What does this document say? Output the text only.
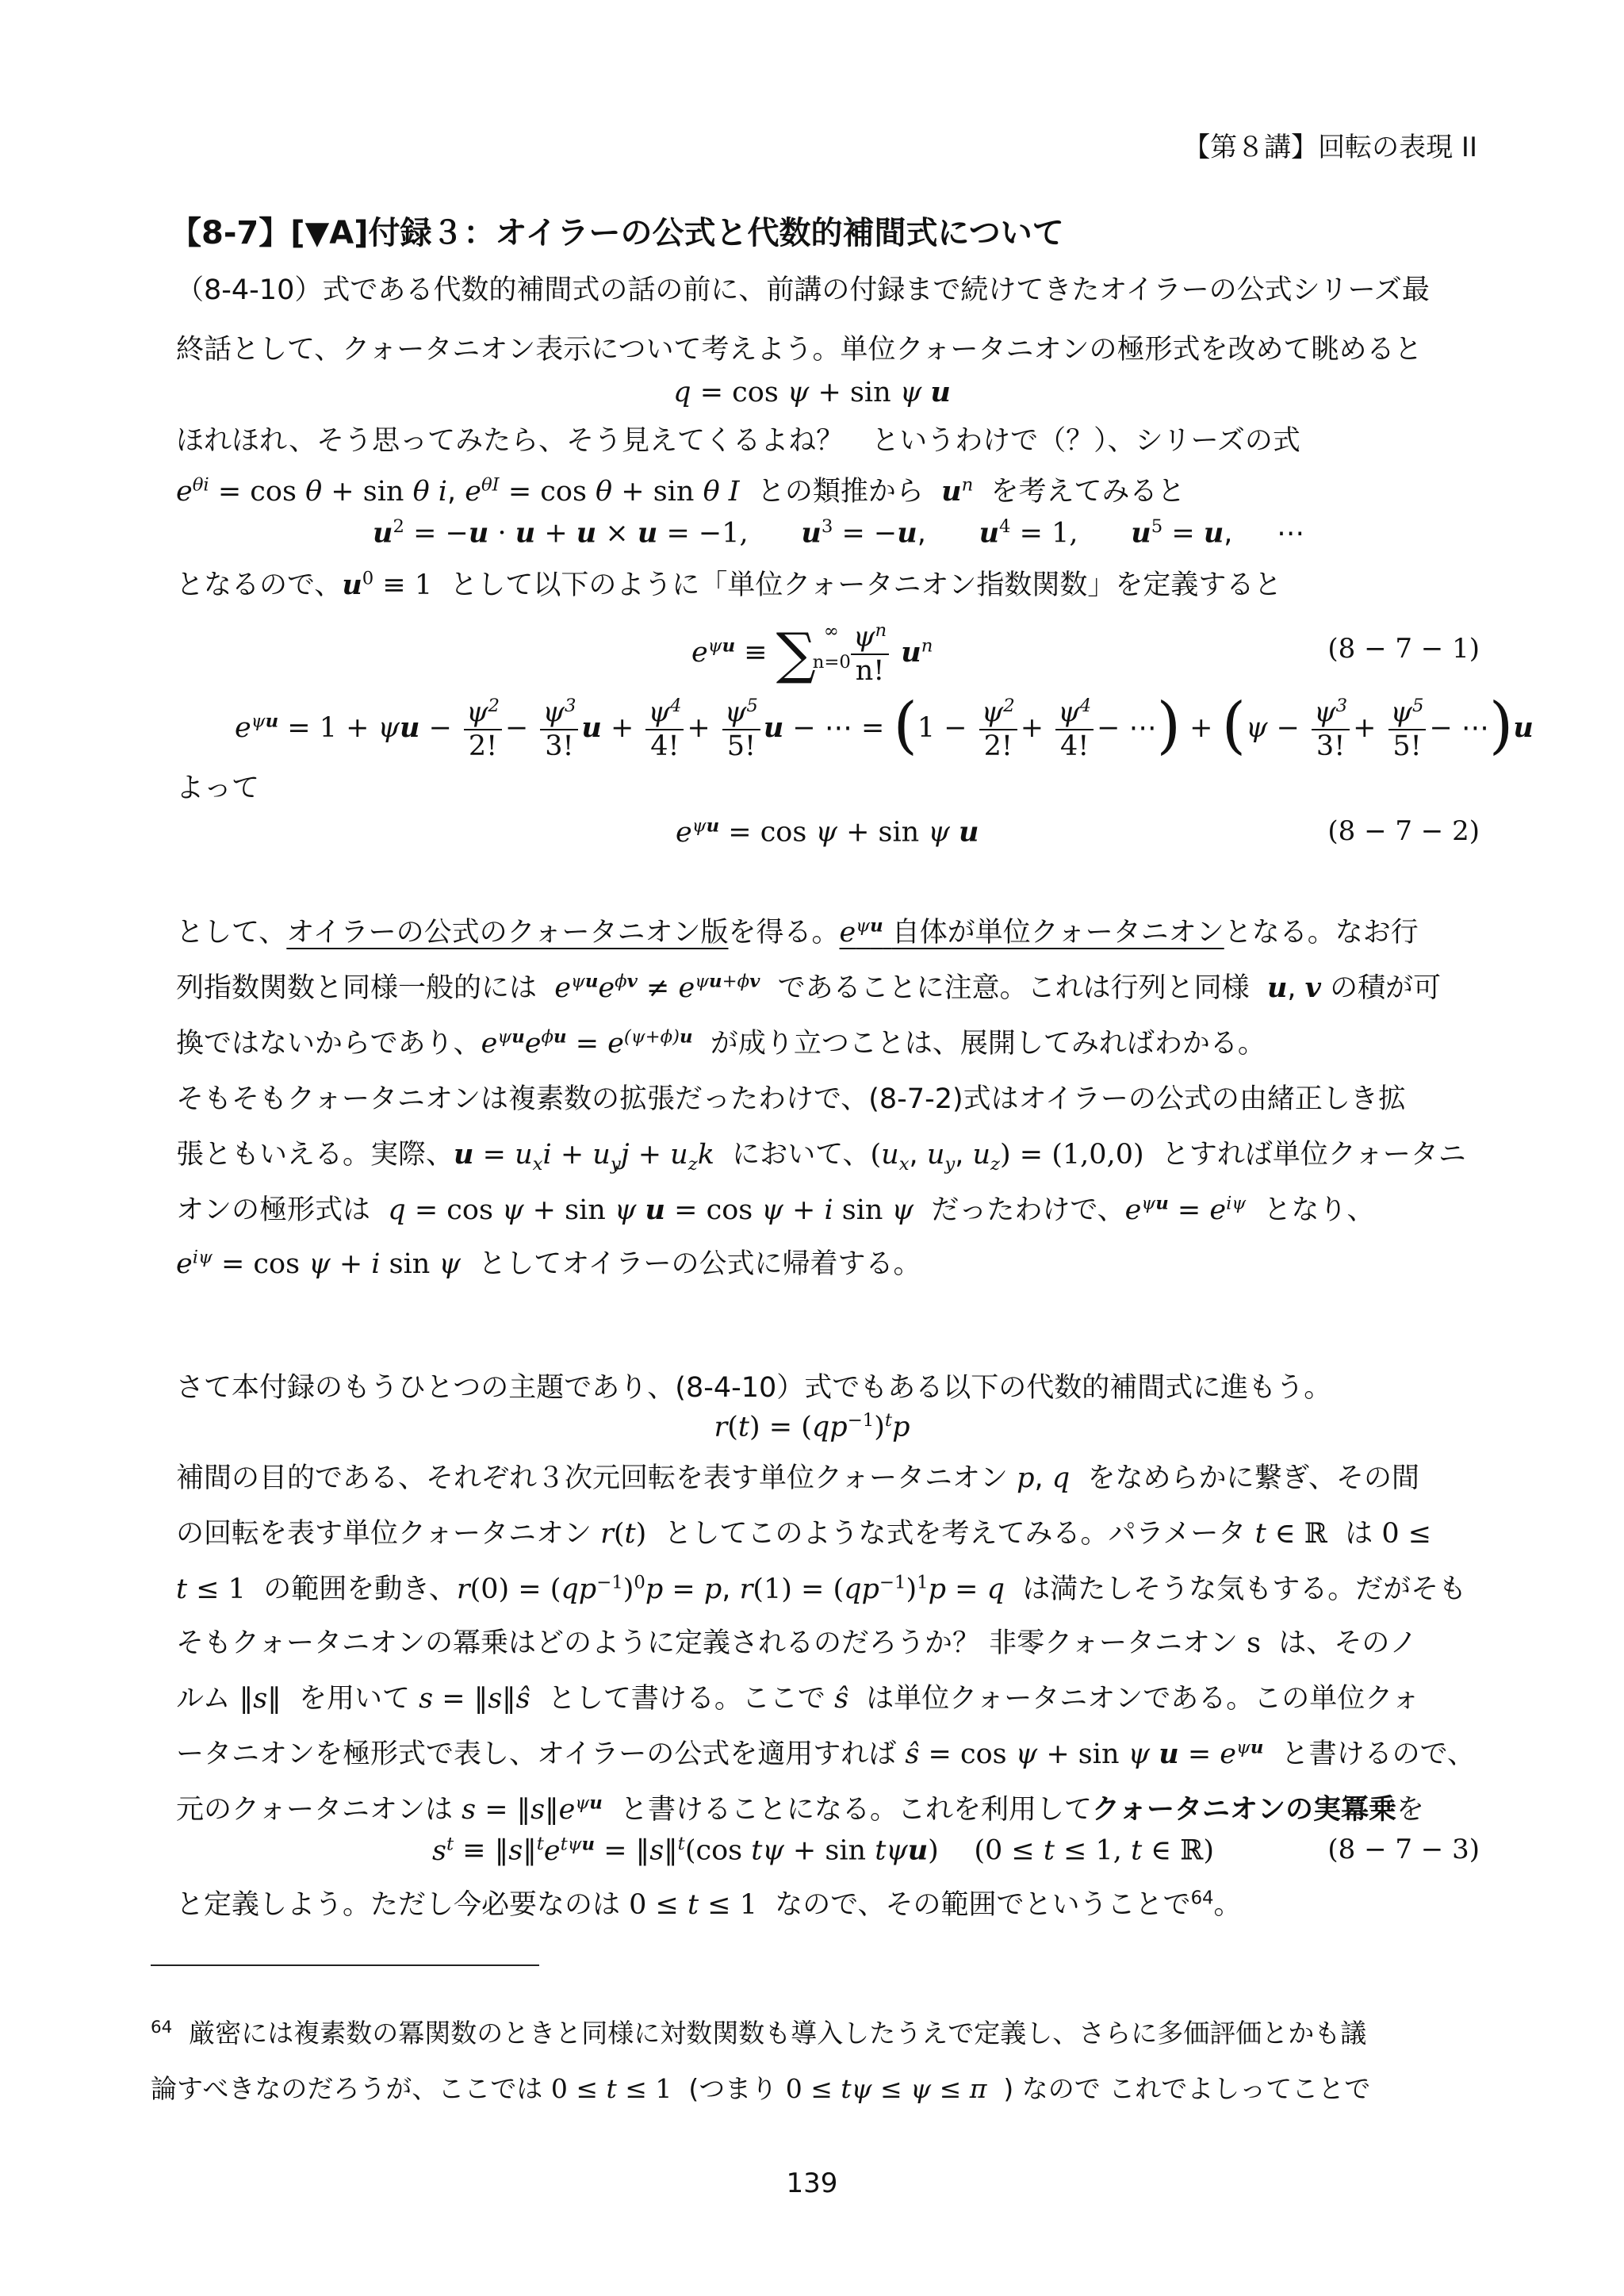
【第８講】回転の表現 II
【8-7】[▼A]付録３：オイラーの公式と代数的補間式について
（8-4-10）式である代数的補間式の話の前に、前講の付録まで続けてきたオイラーの公式シリーズ最
終話として、クォータニオン表示について考えよう。単位クォータニオンの極形式を改めて眺めると
q = cos ψ + sin ψ u
ほれほれ、そう思ってみたら、そう見えてくるよね？　というわけで（？）、シリーズの式
$e^{\theta i} = \cos \theta + \sin \theta$ i, $e^{\theta I} = \cos \theta + \sin \theta$ I との類推から $u^n$ を考えてみると
$u^2 = -u \cdot u + u \times u = -1$, $u^3 = -u$,      $u^4 = 1$, $u^5 = u$,     ⋯
となるので、$u^0 \equiv 1$ として以下のように「単位クォータニオン指数関数」を定義すると
$e^{\psi u} \equiv \sum_{n=0}^\infty \frac{\psi^n}{n!} u^n$	(8 − 7 − 1)
$e^{\psi u} = 1 + \psi u - \frac{\psi^2}{2!} - \frac{\psi^3}{3!}$ $u + \frac{\psi^4}{4!} + \frac{\psi^5}{5!}$ u − ⋯ = ($1 - \frac{\psi^2}{2!} + \frac{\psi^4}{4!}$ − ⋯) + ($\psi - \frac{\psi^3}{3!} + \frac{\psi^5}{5!}$ − ⋯)u
よって
$e^{\psi u} = \cos \psi + \sin \psi$ u	(8 − 7 − 2)
として、オイラーの公式のクォータニオン版を得る。$e^{\psi u}$ 自体が単位クォータニオンとなる。なお行
列指数関数と同様一般的には $e^{\psi u}e^{\phi v} \ne e^{\psi u+\phi v}$ であることに注意。これは行列と同様 u, v の積が可
換ではないからであり、$e^{\psi u}e^{\phi u} = e^{(\psi+\phi)u}$ が成り立つことは、展開してみればわかる。
そもそもクォータニオンは複素数の拡張だったわけで、(8-7-2)式はオイラーの公式の由緒正しき拡
張ともいえる。実際、$u = u_xi + u_yj + u_zk$ において、($u_x$, $u_y$, $u_z) = (1,0,0)$ とすれば単位クォータニ
オンの極形式は q = cos ψ + sin ψ u = cos ψ + i sin ψ だったわけで、$e^{\psi u} = e^{i\psi}$ となり、
$e^{i\psi} = \cos \psi + i$ sin ψ としてオイラーの公式に帰着する。
さて本付録のもうひとつの主題であり、(8-4-10）式でもある以下の代数的補間式に進もう。
$r(t) = (qp^{-1})^tp$
補間の目的である、それぞれ３次元回転を表す単位クォータニオン p, q をなめらかに繋ぎ、その間
の回転を表す単位クォータニオン r(t) としてこのような式を考えてみる。パラメータ t ∈ ℝ は 0 ≤
t ≤ 1 の範囲を動き、$r(0) = (qp^{-1})^0p = p$, $r(1) = (qp^{-1})^1p = q$ は満たしそうな気もする。だがそも
そもクォータニオンの冪乗はどのように定義されるのだろうか？ 非零クォータニオン s は、そのノ
ルム ‖s‖ を用いて s = ‖s‖ŝ として書ける。ここで ŝ は単位クォータニオンである。この単位クォ
ータニオンを極形式で表し、オイラーの公式を適用すれば ŝ = cos ψ + sin ψ $u = e^{\psi u}$ と書けるので、
元のクォータニオンは $s = ‖s‖e^{\psi u}$ と書けることになる。これを利用してクォータニオンの実冪乗を
$s^t$ ≡ $‖s‖^te^{t\psi u}$ = ‖s‖$^t$(cos tψ + sin tψu) (0 ≤ t ≤ 1, t ∈ ℝ)	(8 − 7 − 3)
と定義しよう。ただし今必要なのは 0 ≤ t ≤ 1 なので、その範囲でということで$^{64}$。
$^{64}$ 厳密には複素数の冪関数のときと同様に対数関数も導入したうえで定義し、さらに多価評価とかも議
論すべきなのだろうが、ここでは 0 ≤ t ≤ 1 (つまり 0 ≤ tψ ≤ ψ ≤ π ) なので これでよしってことで
139
